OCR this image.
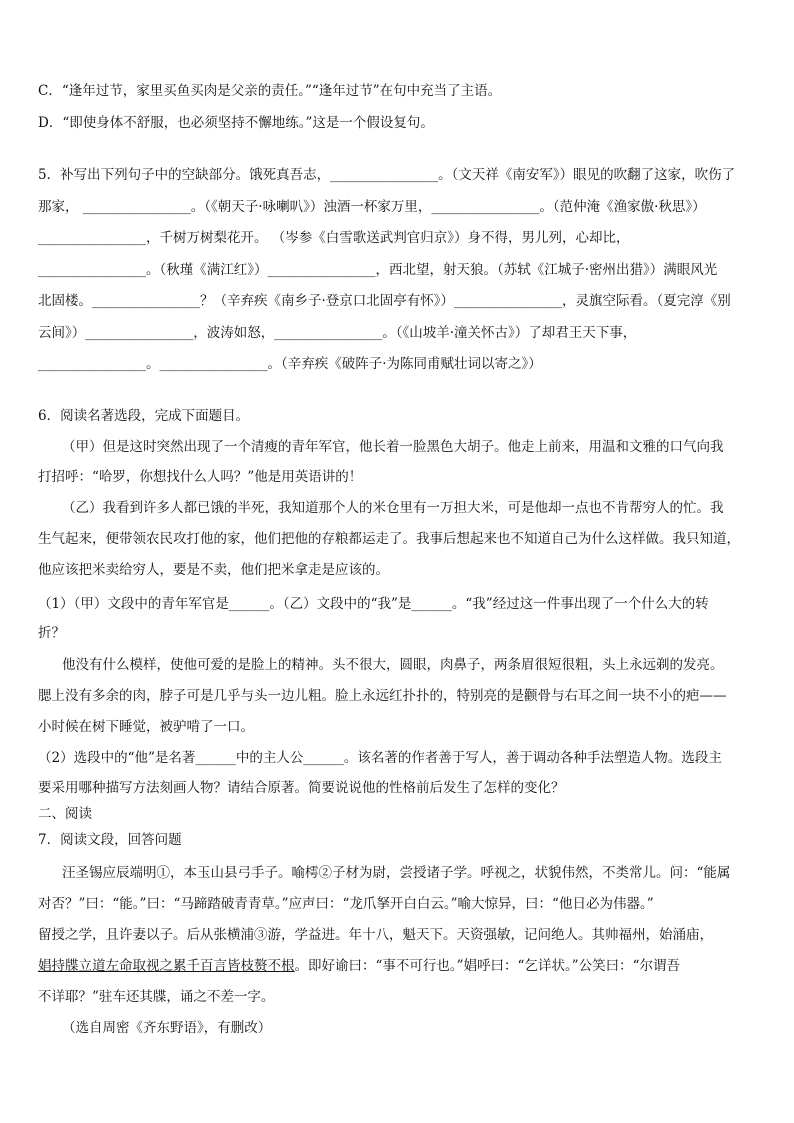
C．“逢年过节，家里买鱼买肉是父亲的责任。”“逢年过节”在句中充当了主语。
D．“即使身体不舒服，也必须坚持不懈地练。”这是一个假设复句。
5．补写出下列句子中的空缺部分。饿死真吾志，________________。（文天祥《南安军》）眼见的吹翻了这家，吹伤了
那家， ________________。（《朝天子·咏喇叭》）浊酒一杯家万里，________________。（范仲淹《渔家傲·秋思》）
________________，千树万树梨花开。 （岑参《白雪歌送武判官归京》）身不得，男儿列，心却比，
________________。（秋瑾《满江红》）________________，西北望，射天狼。（苏轼《江城子·密州出猎》）满眼风光
北固楼。________________？（辛弃疾《南乡子·登京口北固亭有怀》）________________，灵旗空际看。（夏完淳《别
云间》）________________，波涛如怒，________________。（《山坡羊·潼关怀古》）了却君王天下事，
________________。________________。（辛弃疾《破阵子·为陈同甫赋壮词以寄之》）
6．阅读名著选段，完成下面题目。
（甲）但是这时突然出现了一个清瘦的青年军官，他长着一脸黑色大胡子。他走上前来，用温和文雅的口气向我
打招呼：“哈罗，你想找什么人吗？”他是用英语讲的！
（乙）我看到许多人都已饿的半死，我知道那个人的米仓里有一万担大米，可是他却一点也不肯帮穷人的忙。我
生气起来，便带领农民攻打他的家，他们把他的存粮都运走了。我事后想起来也不知道自己为什么这样做。我只知道，
他应该把米卖给穷人，要是不卖，他们把米拿走是应该的。
（1）（甲）文段中的青年军官是______。（乙）文段中的“我”是______。“我”经过这一件事出现了一个什么大的转
折？
他没有什么模样，使他可爱的是脸上的精神。头不很大，圆眼，肉鼻子，两条眉很短很粗，头上永远剃的发亮。
腮上没有多余的肉，脖子可是几乎与头一边儿粗。脸上永远红扑扑的，特别亮的是颧骨与右耳之间一块不小的疤——
小时候在树下睡觉，被驴啃了一口。
（2）选段中的“他”是名著______中的主人公______。该名著的作者善于写人，善于调动各种手法塑造人物。选段主
要采用哪种描写方法刻画人物？请结合原著。简要说说他的性格前后发生了怎样的变化？
二、阅读
7．阅读文段，回答问题
汪圣锡应辰端明①，本玉山县弓手子。喻樗②子材为尉，尝授诸子学。呼视之，状貌伟然，不类常儿。问：“能属
对否？”曰：“能。”曰：“马蹄踏破青青草。”应声曰：“龙爪拏开白白云。”喻大惊异，曰：“他日必为伟器。”
留授之学，且许妻以子。后从张横浦③游，学益进。年十八，魁天下。天资强敏，记问绝人。其帅福州，始涌庙，
娼持牒立道左命取视之累千百言皆枝赘不根。即好谕曰：“事不可行也。”娼呼曰：“乞详状。”公笑曰：“尔谓吾
不详耶？”驻车还其牒，诵之不差一字。
（选自周密《齐东野语》，有删改）
